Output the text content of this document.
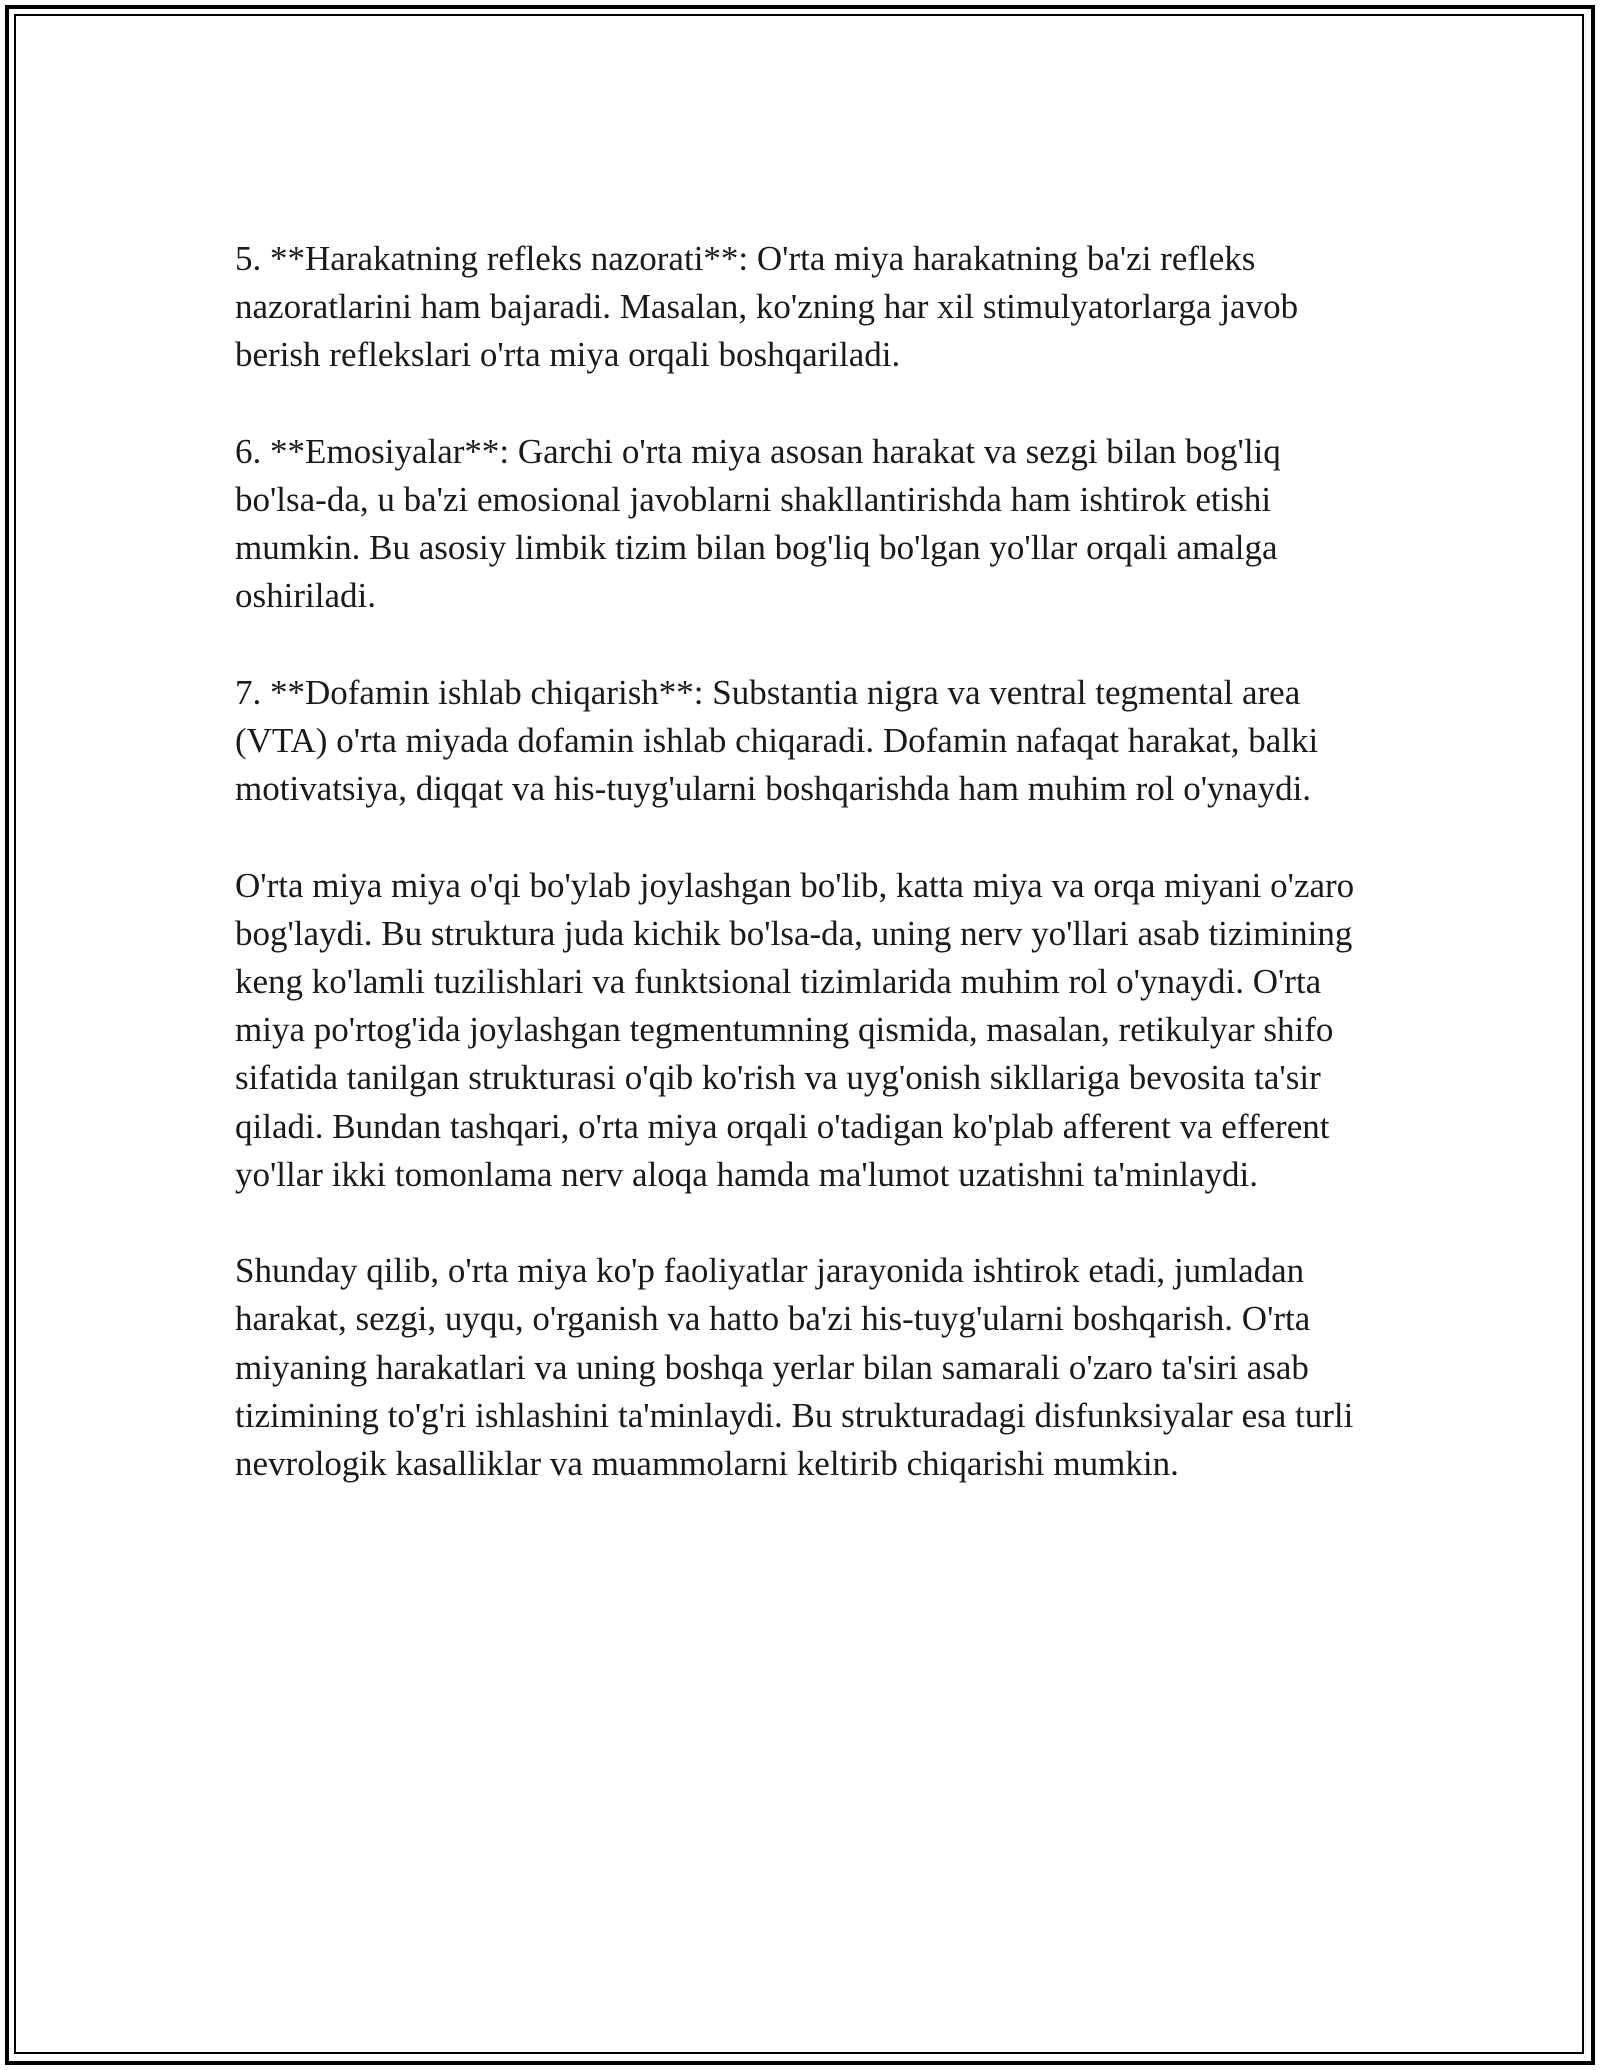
5. **Harakatning refleks nazorati**: O'rta miya harakatning ba'zi refleks nazoratlarini ham bajaradi. Masalan, ko'zning har xil stimulyatorlarga javob berish reflekslari o'rta miya orqali boshqariladi.

6. **Emosiyalar**: Garchi o'rta miya asosan harakat va sezgi bilan bog'liq bo'lsa-da, u ba'zi emosional javoblarni shakllantirishda ham ishtirok etishi mumkin. Bu asosiy limbik tizim bilan bog'liq bo'lgan yo'llar orqali amalga oshiriladi.

7. **Dofamin ishlab chiqarish**: Substantia nigra va ventral tegmental area (VTA) o'rta miyada dofamin ishlab chiqaradi. Dofamin nafaqat harakat, balki motivatsiya, diqqat va his-tuyg'ularni boshqarishda ham muhim rol o'ynaydi.

O'rta miya miya o'qi bo'ylab joylashgan bo'lib, katta miya va orqa miyani o'zaro bog'laydi. Bu struktura juda kichik bo'lsa-da, uning nerv yo'llari asab tizimining keng ko'lamli tuzilishlari va funktsional tizimlarida muhim rol o'ynaydi. O'rta miya po'rtog'ida joylashgan tegmentumning qismida, masalan, retikulyar shifo sifatida tanilgan strukturasi o'qib ko'rish va uyg'onish sikllariga bevosita ta'sir qiladi. Bundan tashqari, o'rta miya orqali o'tadigan ko'plab afferent va efferent yo'llar ikki tomonlama nerv aloqa hamda ma'lumot uzatishni ta'minlaydi.

Shunday qilib, o'rta miya ko'p faoliyatlar jarayonida ishtirok etadi, jumladan harakat, sezgi, uyqu, o'rganish va hatto ba'zi his-tuyg'ularni boshqarish. O'rta miyaning harakatlari va uning boshqa yerlar bilan samarali o'zaro ta'siri asab tizimining to'g'ri ishlashini ta'minlaydi. Bu strukturadagi disfunksiyalar esa turli nevrologik kasalliklar va muammolarni keltirib chiqarishi mumkin.
